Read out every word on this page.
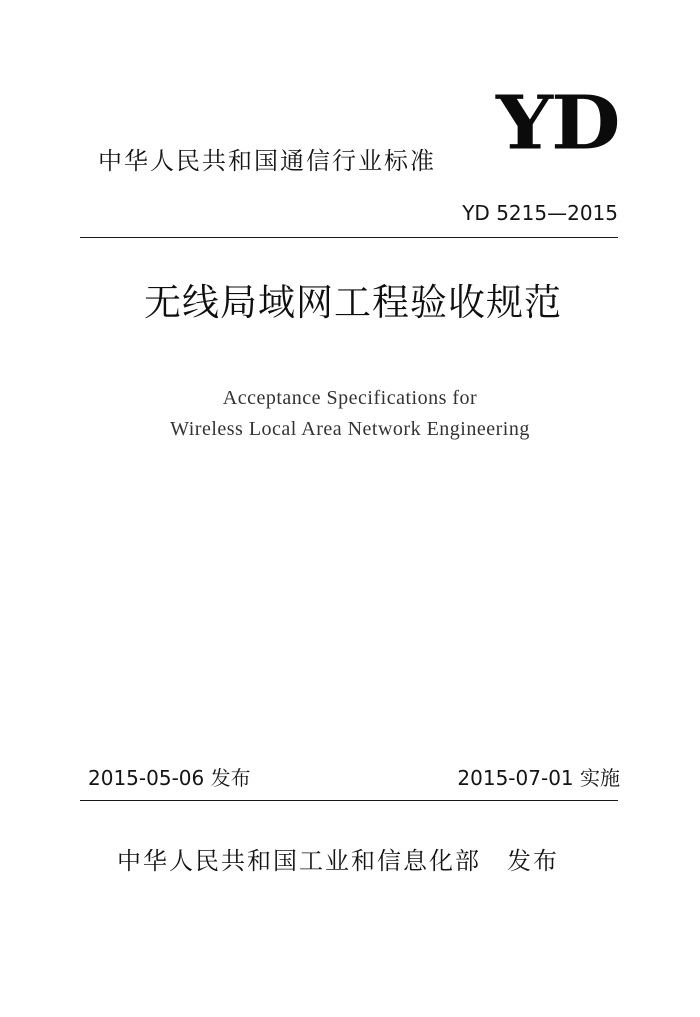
YD
中华人民共和国通信行业标准
YD 5215—2015
无线局域网工程验收规范
Acceptance Specifications for
Wireless Local Area Network Engineering
2015-05-06 发布	2015-07-01 实施
中华人民共和国工业和信息化部　发布
